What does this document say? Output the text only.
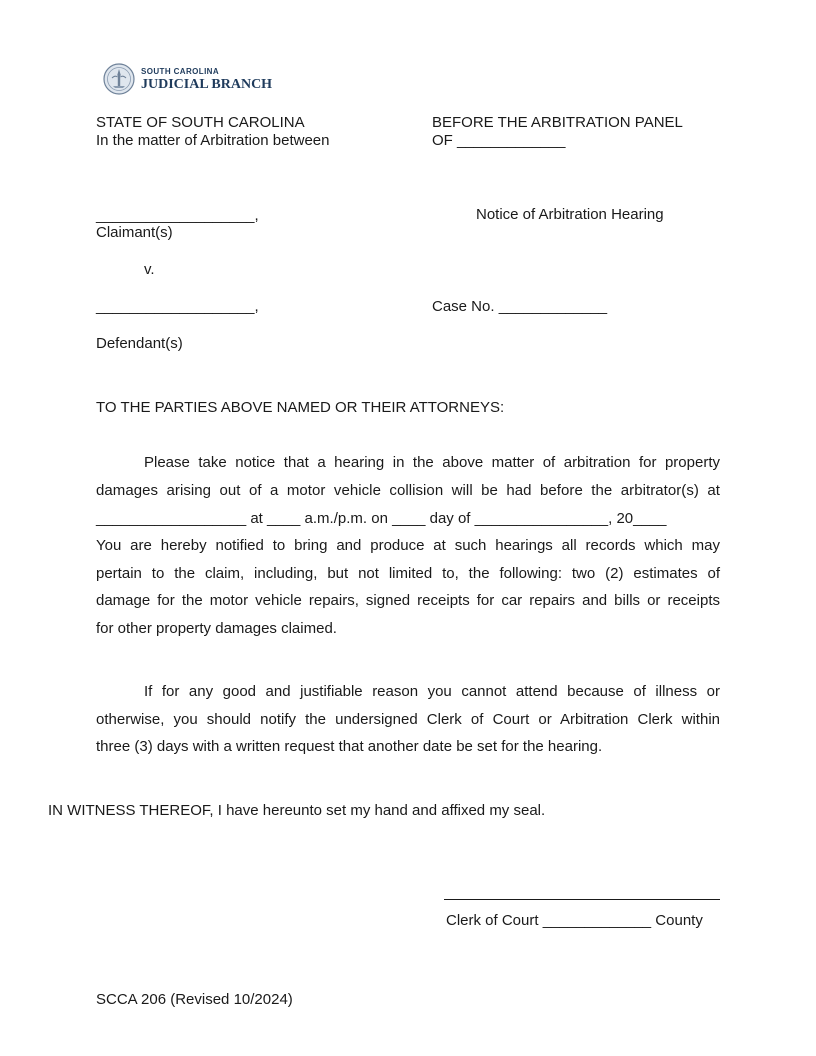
SOUTH CAROLINA
JUDICIAL BRANCH
STATE OF SOUTH CAROLINA
In the matter of Arbitration between
BEFORE THE ARBITRATION PANEL
OF _____________
___________________,
Claimant(s)
Notice of Arbitration Hearing
v.
___________________,	Case No. _____________
Defendant(s)
TO THE PARTIES ABOVE NAMED OR THEIR ATTORNEYS:
Please take notice that a hearing in the above matter of arbitration for property
damages arising out of a motor vehicle collision will be had before the arbitrator(s) at
__________________ at ____ a.m./p.m. on ____ day of ________________, 20____
You are hereby notified to bring and produce at such hearings all records which may
pertain to the claim, including, but not limited to, the following: two (2) estimates of
damage for the motor vehicle repairs, signed receipts for car repairs and bills or receipts
for other property damages claimed.
If for any good and justifiable reason you cannot attend because of illness or
otherwise, you should notify the undersigned Clerk of Court or Arbitration Clerk within
three (3) days with a written request that another date be set for the hearing.
IN WITNESS THEREOF, I have hereunto set my hand and affixed my seal.
Clerk of Court _____________ County
SCCA 206 (Revised 10/2024)
